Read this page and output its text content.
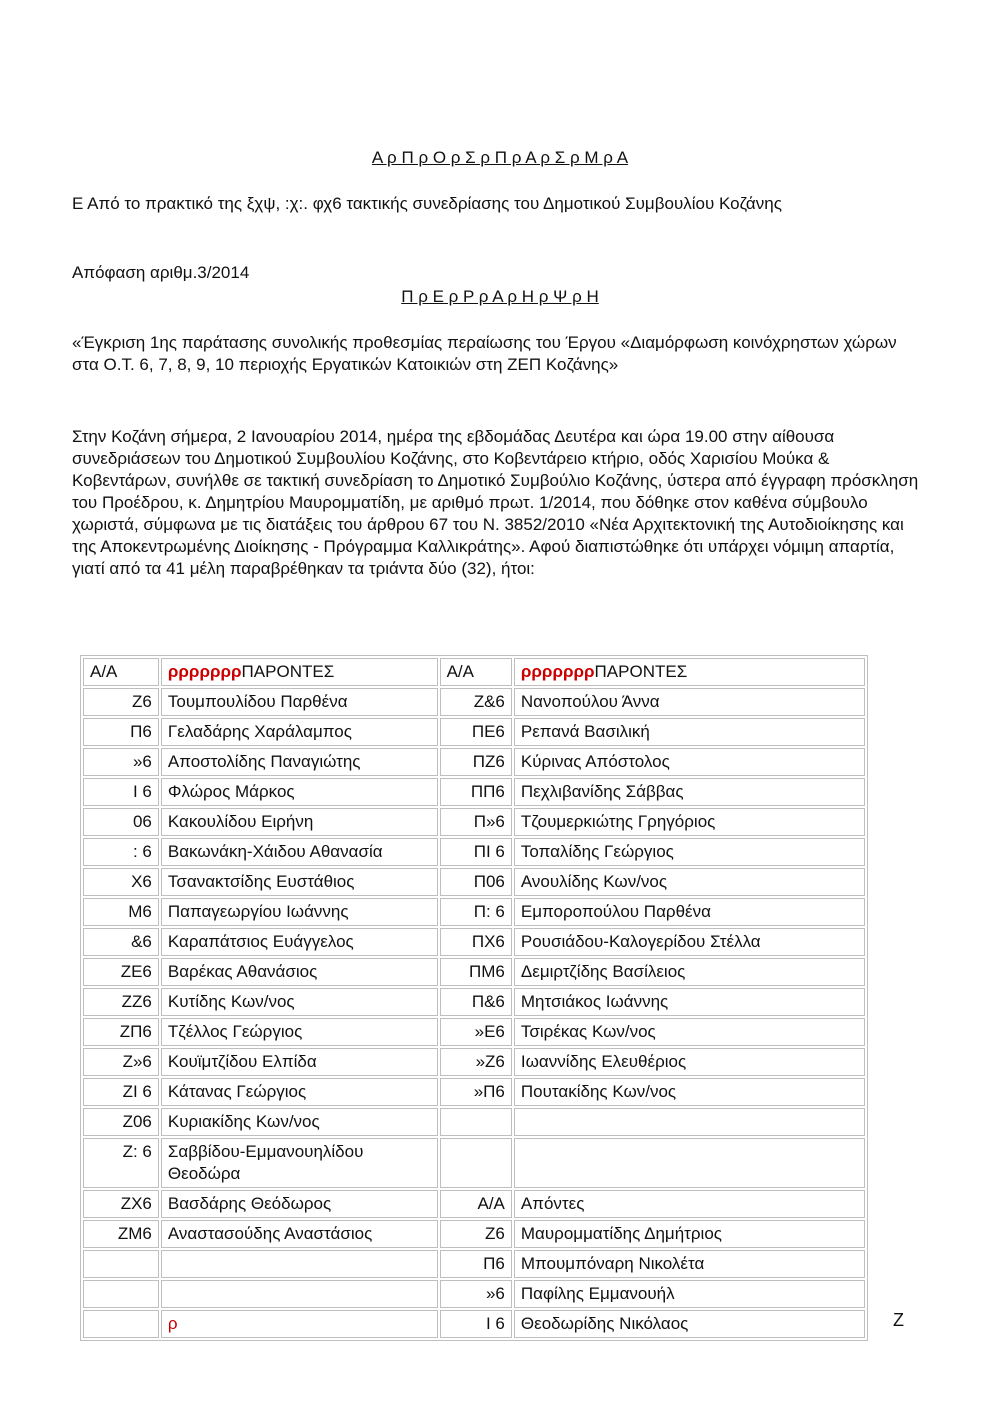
Α ρ Π ρ Ο ρ Σ ρ Π ρ Α ρ Σ ρ Μ ρ Α

Ε Από το πρακτικό της ξχψ, :χ:. φχ6 τακτικής συνεδρίασης του Δημοτικού Συμβουλίου Κοζάνης

Απόφαση αριθμ.3/2014

Π ρ Ε ρ Ρ ρ Α ρ Η ρ Ψ ρ Η

«Έγκριση 1ης παράτασης συνολικής προθεσμίας περαίωσης του Έργου «Διαμόρφωση κοινόχρηστων χώρων στα Ο.Τ. 6, 7, 8, 9, 10 περιοχής Εργατικών Κατοικιών στη ΖΕΠ Κοζάνης»

Στην Κοζάνη σήμερα, 2 Ιανουαρίου 2014, ημέρα της εβδομάδας Δευτέρα και ώρα 19.00 στην αίθουσα συνεδριάσεων του Δημοτικού Συμβουλίου Κοζάνης, στο Κοβεντάρειο κτήριο, οδός Χαρισίου Μούκα & Κοβεντάρων, συνήλθε σε τακτική συνεδρίαση το Δημοτικό Συμβούλιο Κοζάνης, ύστερα από έγγραφη πρόσκληση του Προέδρου, κ. Δημητρίου Μαυρομματίδη, με αριθμό πρωτ. 1/2014, που δόθηκε στον καθένα σύμβουλο χωριστά, σύμφωνα με τις διατάξεις του άρθρου 67 του Ν. 3852/2010 «Νέα Αρχιτεκτονική της Αυτοδιοίκησης και της Αποκεντρωμένης Διοίκησης - Πρόγραμμα Καλλικράτης». Αφού διαπιστώθηκε ότι υπάρχει νόμιμη απαρτία, γιατί από τα 41 μέλη παραβρέθηκαν τα τριάντα δύο (32), ήτοι:

Α/Α	ρρρρρρρΠΑΡΟΝΤΕΣ	Α/Α	ρρρρρρρΠΑΡΟΝΤΕΣ
Ζ6	Τουμπουλίδου Παρθένα	Ζ&6	Νανοπούλου Άννα
Π6	Γελαδάρης Χαράλαμπος	ΠΕ6	Ρεπανά Βασιλική
»6	Αποστολίδης Παναγιώτης	ΠΖ6	Κύρινας Απόστολος
Ι 6	Φλώρος Μάρκος	ΠΠ6	Πεχλιβανίδης Σάββας
06	Κακουλίδου Ειρήνη	Π»6	Τζουμερκιώτης Γρηγόριος
: 6	Βακωνάκη-Χάιδου Αθανασία	ΠΙ 6	Τοπαλίδης Γεώργιος
Χ6	Τσανακτσίδης Ευστάθιος	Π06	Ανουλίδης Κων/νος
Μ6	Παπαγεωργίου Ιωάννης	Π: 6	Εμποροπούλου Παρθένα
&6	Καραπάτσιος Ευάγγελος	ΠΧ6	Ρουσιάδου-Καλογερίδου Στέλλα
ΖΕ6	Βαρέκας Αθανάσιος	ΠΜ6	Δεμιρτζίδης Βασίλειος
ΖΖ6	Κυτίδης Κων/νος	Π&6	Μητσιάκος Ιωάννης
ΖΠ6	Τζέλλος Γεώργιος	»Ε6	Τσιρέκας Κων/νος
Ζ»6	Κουϊμτζίδου Ελπίδα	»Ζ6	Ιωαννίδης Ελευθέριος
ΖΙ 6	Κάτανας Γεώργιος	»Π6	Πουτακίδης Κων/νος
Ζ06	Κυριακίδης Κων/νος		
Ζ: 6	Σαββίδου-Εμμανουηλίδου Θεοδώρα		
ΖΧ6	Βασδάρης Θεόδωρος	Α/Α	Απόντες
ΖΜ6	Αναστασούδης Αναστάσιος	Ζ6	Μαυρομματίδης Δημήτριος
		Π6	Μπουμπόναρη Νικολέτα
		»6	Παφίλης Εμμανουήλ
	ρ	Ι 6	Θεοδωρίδης Νικόλαος	Ζ
